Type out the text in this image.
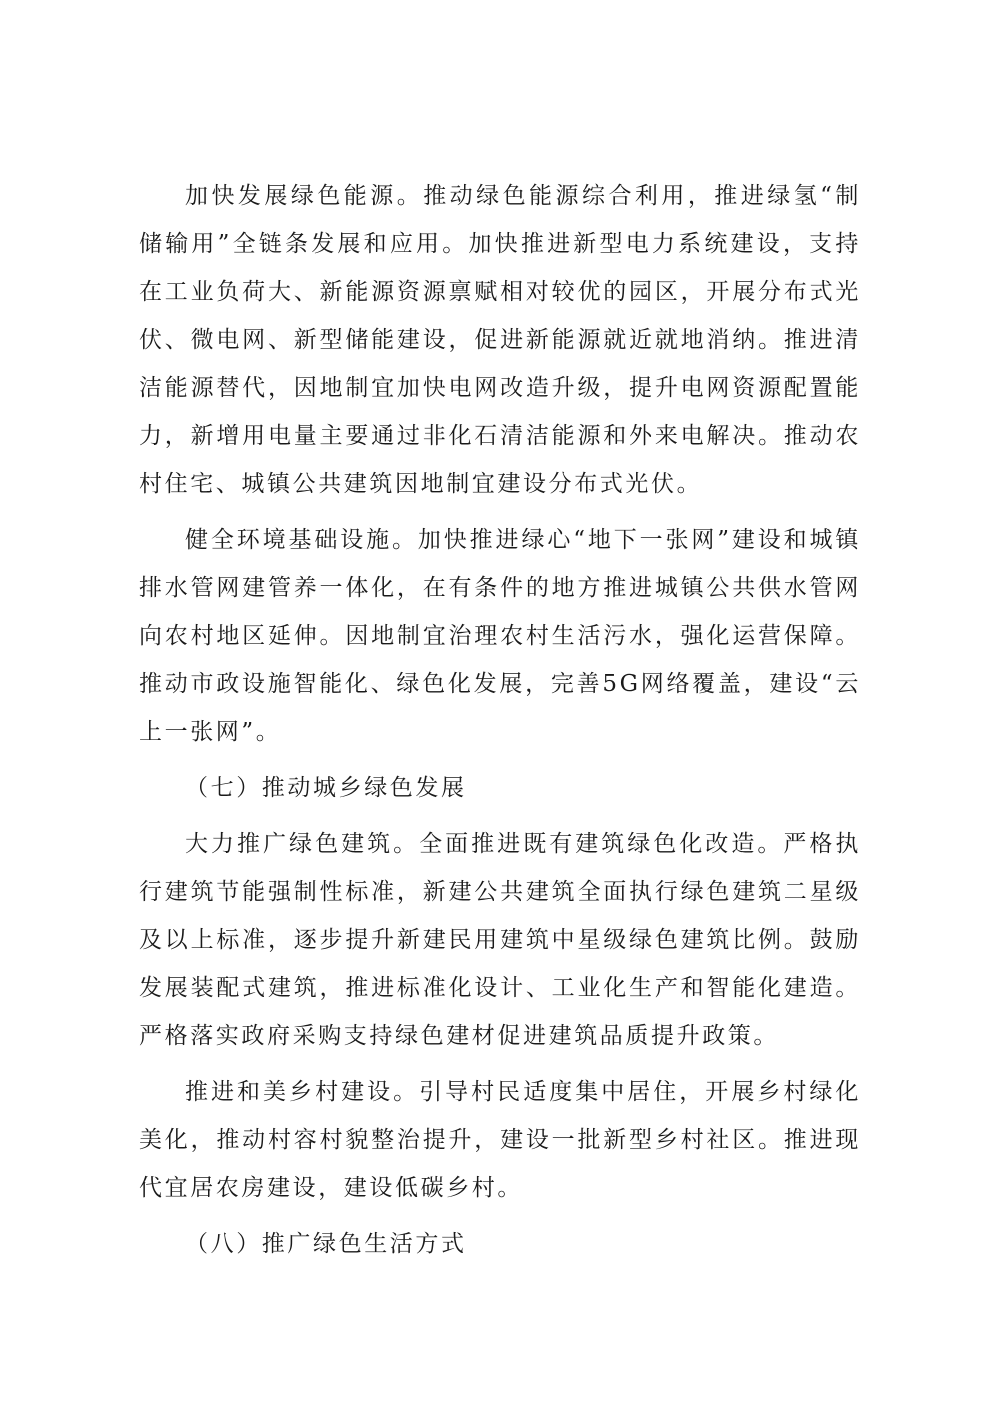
加快发展绿色能源。推动绿色能源综合利用，推进绿氢“制储输用”全链条发展和应用。加快推进新型电力系统建设，支持在工业负荷大、新能源资源禀赋相对较优的园区，开展分布式光伏、微电网、新型储能建设，促进新能源就近就地消纳。推进清洁能源替代，因地制宜加快电网改造升级，提升电网资源配置能力，新增用电量主要通过非化石清洁能源和外来电解决。推动农村住宅、城镇公共建筑因地制宜建设分布式光伏。

健全环境基础设施。加快推进绿心“地下一张网”建设和城镇排水管网建管养一体化，在有条件的地方推进城镇公共供水管网向农村地区延伸。因地制宜治理农村生活污水，强化运营保障。推动市政设施智能化、绿色化发展，完善5G网络覆盖，建设“云上一张网”。

（七）推动城乡绿色发展

大力推广绿色建筑。全面推进既有建筑绿色化改造。严格执行建筑节能强制性标准，新建公共建筑全面执行绿色建筑二星级及以上标准，逐步提升新建民用建筑中星级绿色建筑比例。鼓励发展装配式建筑，推进标准化设计、工业化生产和智能化建造。严格落实政府采购支持绿色建材促进建筑品质提升政策。

推进和美乡村建设。引导村民适度集中居住，开展乡村绿化美化，推动村容村貌整治提升，建设一批新型乡村社区。推进现代宜居农房建设，建设低碳乡村。

（八）推广绿色生活方式
